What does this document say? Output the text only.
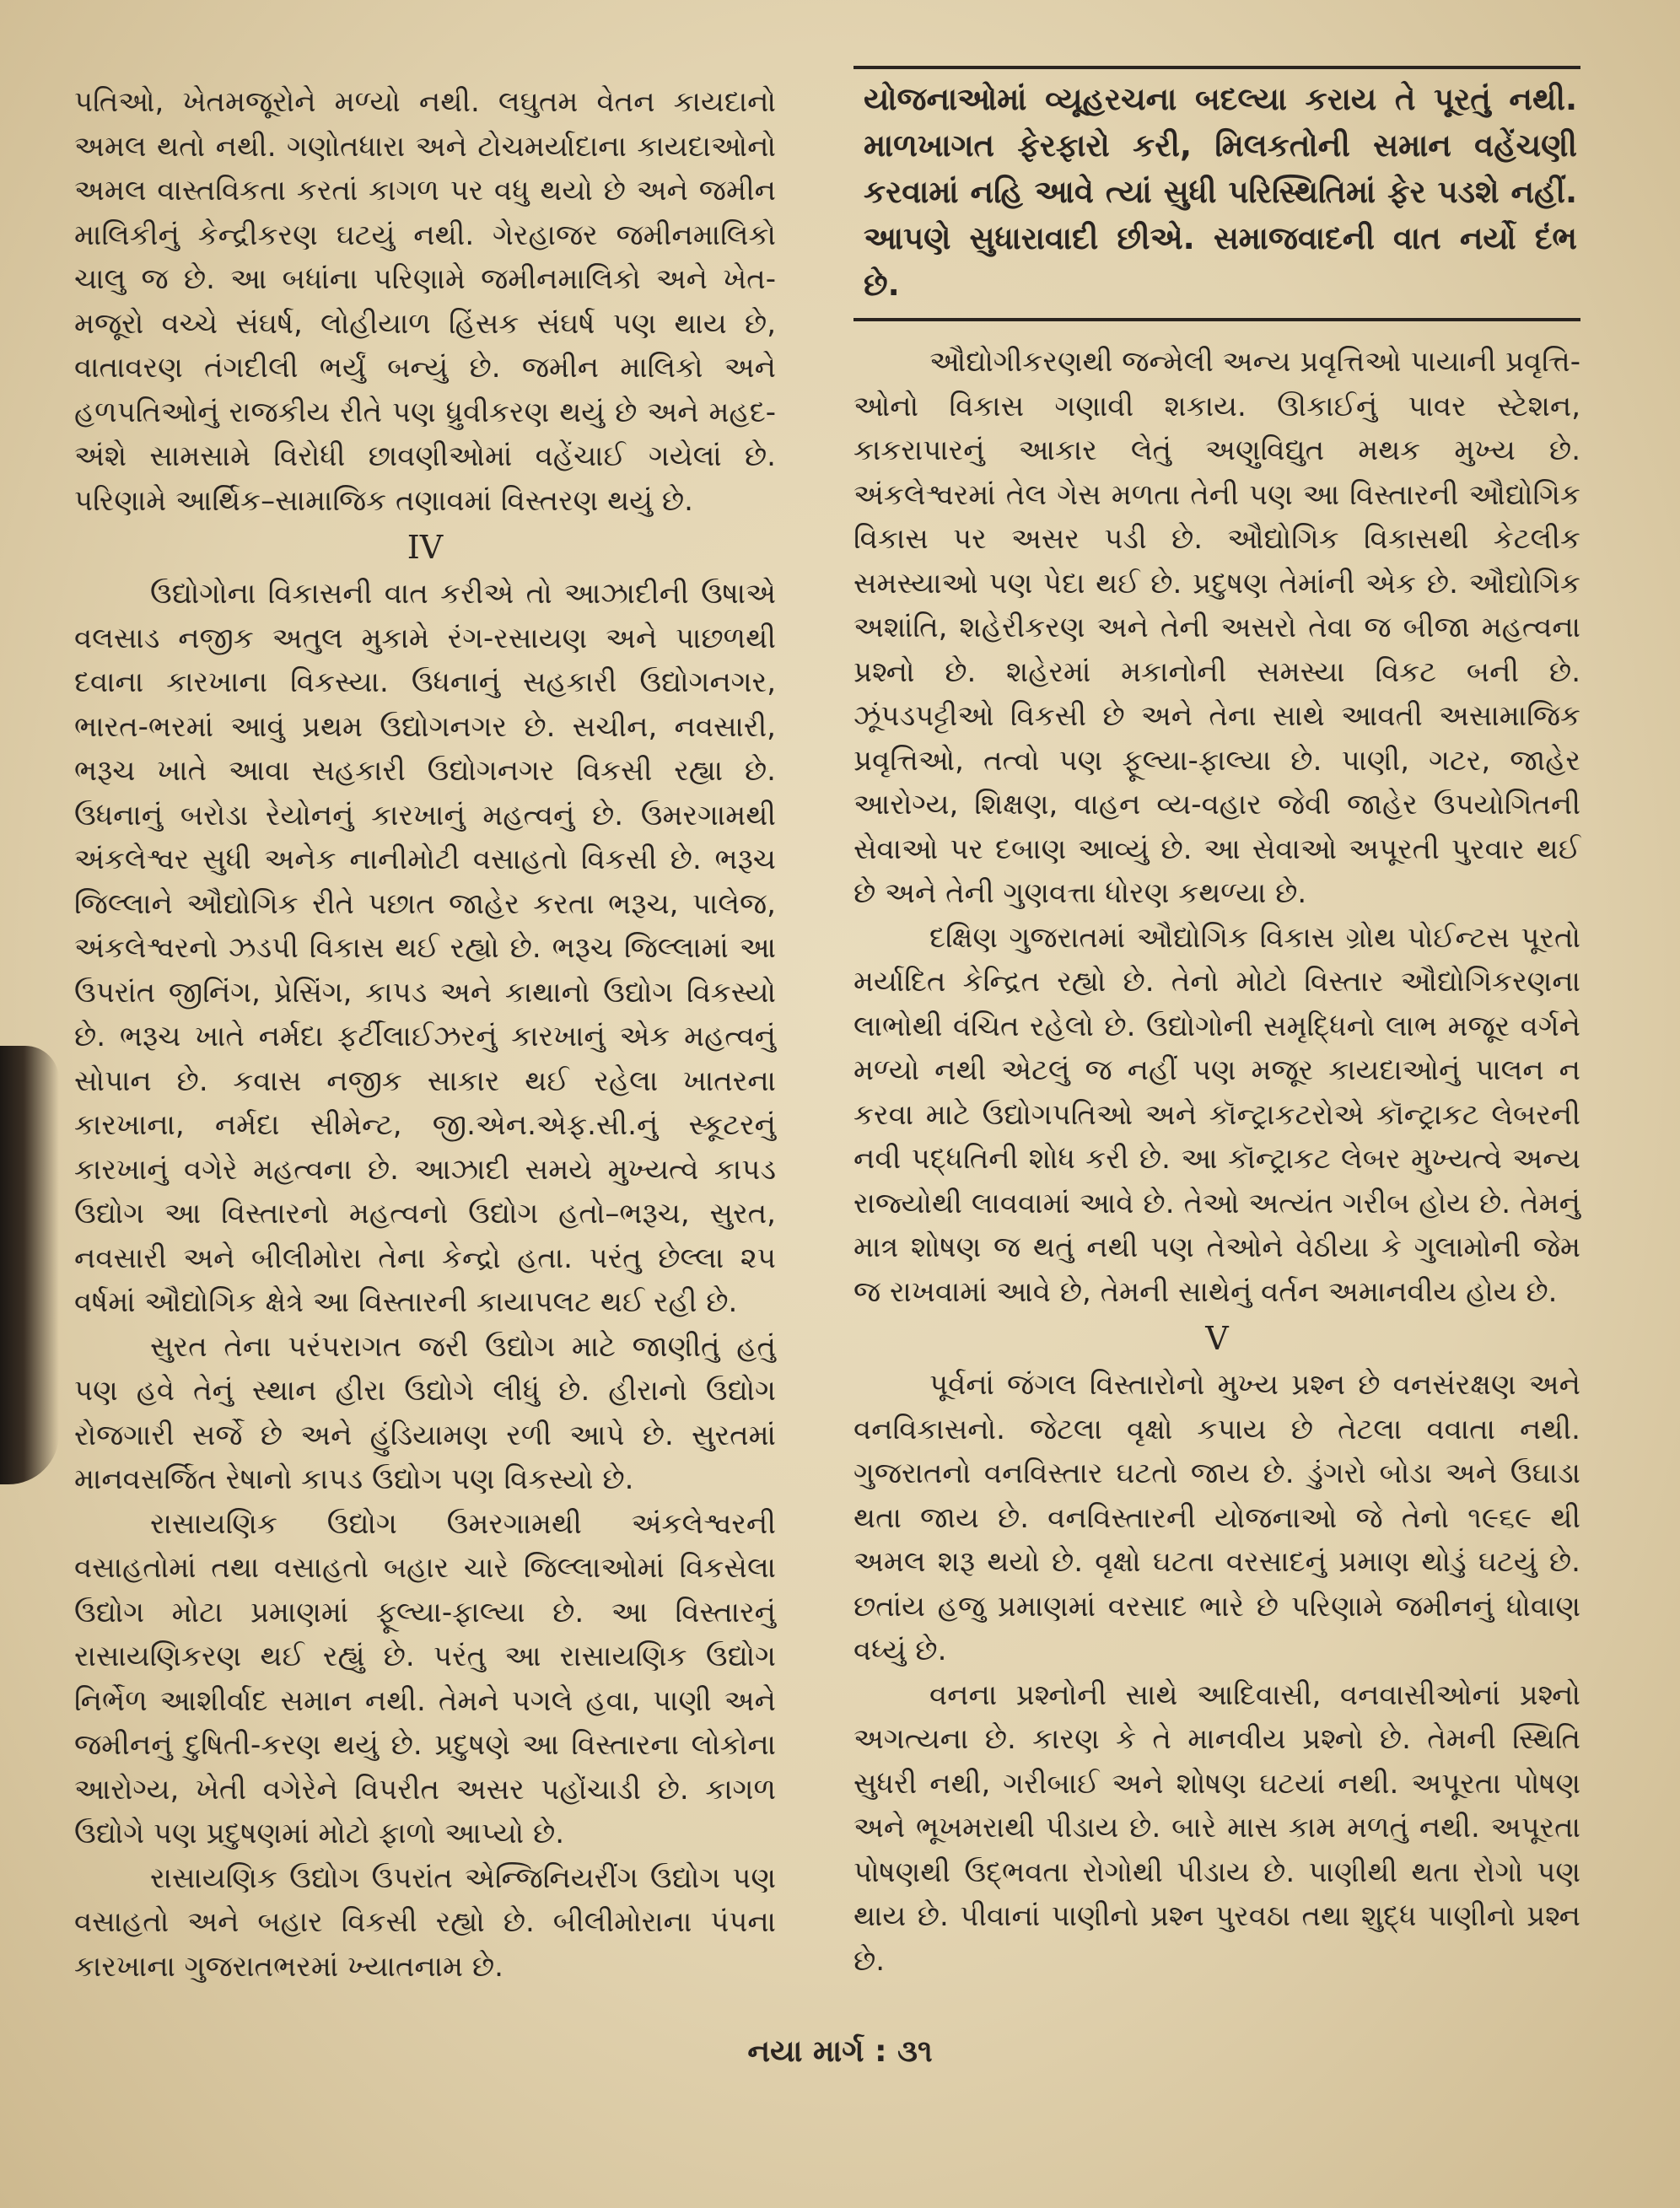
પતિઓ, ખેતમજૂરોને મળ્યો નથી. લઘુતમ વેતન કાયદાનો અમલ થતો નથી. ગણોતધારા અને ટોચમર્યાદાના કાયદાઓનો અમલ વાસ્તવિકતા કરતાં કાગળ પર વધુ થયો છે અને જમીન માલિકીનું કેન્દ્રીકરણ ઘટયું નથી. ગેરહાજર જમીનમાલિકો ચાલુ જ છે. આ બધાંના પરિણામે જમીનમાલિકો અને ખેત-મજૂરો વચ્ચે સંઘર્ષ, લોહીયાળ હિંસક સંઘર્ષ પણ થાય છે, વાતાવરણ તંગદીલી ભર્યું બન્યું છે. જમીન માલિકો અને હળપતિઓનું રાજકીય રીતે પણ ધ્રુવીકરણ થયું છે અને મહદ-અંશે સામસામે વિરોધી છાવણીઓમાં વહેંચાઈ ગયેલાં છે. પરિણામે આર્થિક–સામાજિક તણાવમાં વિસ્તરણ થયું છે.

IV

ઉદ્યોગોના વિકાસની વાત કરીએ તો આઝાદીની ઉષાએ વલસાડ નજીક અતુલ મુકામે રંગ-રસાયણ અને પાછળથી દવાના કારખાના વિકસ્યા. ઉધનાનું સહકારી ઉદ્યોગનગર, ભારત-ભરમાં આવું પ્રથમ ઉદ્યોગનગર છે. સચીન, નવસારી, ભરૂચ ખાતે આવા સહકારી ઉદ્યોગનગર વિકસી રહ્યા છે. ઉધનાનું બરોડા રેયોનનું કારખાનું મહત્વનું છે. ઉમરગામથી અંકલેશ્વર સુધી અનેક નાનીમોટી વસાહતો વિકસી છે. ભરૂચ જિલ્લાને ઔદ્યોગિક રીતે પછાત જાહેર કરતા ભરૂચ, પાલેજ, અંકલેશ્વરનો ઝડપી વિકાસ થઈ રહ્યો છે. ભરૂચ જિલ્લામાં આ ઉપરાંત જીનિંગ, પ્રેસિંગ, કાપડ અને કાથાનો ઉદ્યોગ વિકસ્યો છે. ભરૂચ ખાતે નર્મદા ફર્ટીલાઈઝરનું કારખાનું એક મહત્વનું સોપાન છે. કવાસ નજીક સાકાર થઈ રહેલા ખાતરના કારખાના, નર્મદા સીમેન્ટ, જી.એન.એફ.સી.નું સ્કૂટરનું કારખાનું વગેરે મહત્વના છે. આઝાદી સમયે મુખ્યત્વે કાપડ ઉદ્યોગ આ વિસ્તારનો મહત્વનો ઉદ્યોગ હતો–ભરૂચ, સુરત, નવસારી અને બીલીમોરા તેના કેન્દ્રો હતા. પરંતુ છેલ્લા ૨૫ વર્ષમાં ઔદ્યોગિક ક્ષેત્રે આ વિસ્તારની કાયાપલટ થઈ રહી છે.

સુરત તેના પરંપરાગત જરી ઉદ્યોગ માટે જાણીતું હતું પણ હવે તેનું સ્થાન હીરા ઉદ્યોગે લીધું છે. હીરાનો ઉદ્યોગ રોજગારી સર્જે છે અને હુંડિયામણ રળી આપે છે. સુરતમાં માનવસર્જિત રેષાનો કાપડ ઉદ્યોગ પણ વિકસ્યો છે.

રાસાયણિક ઉદ્યોગ ઉમરગામથી અંકલેશ્વરની વસાહતોમાં તથા વસાહતો બહાર ચારે જિલ્લાઓમાં વિકસેલા ઉદ્યોગ મોટા પ્રમાણમાં ફૂલ્યા-ફાલ્યા છે. આ વિસ્તારનું રાસાયણિકરણ થઈ રહ્યું છે. પરંતુ આ રાસાયણિક ઉદ્યોગ નિર્ભેળ આશીર્વાદ સમાન નથી. તેમને પગલે હવા, પાણી અને જમીનનું દુષિતી-કરણ થયું છે. પ્રદુષણે આ વિસ્તારના લોકોના આરોગ્ય, ખેતી વગેરેને વિપરીત અસર પહોંચાડી છે. કાગળ ઉદ્યોગે પણ પ્રદુષણમાં મોટો ફાળો આપ્યો છે.

રાસાયણિક ઉદ્યોગ ઉપરાંત એન્જિનિયરીંગ ઉદ્યોગ પણ વસાહતો અને બહાર વિકસી રહ્યો છે. બીલીમોરાના પંપના કારખાના ગુજરાતભરમાં ખ્યાતનામ છે.

યોજનાઓમાં વ્યૂહરચના બદલ્યા કરાય તે પૂરતું નથી. માળખાગત ફેરફારો કરી, મિલકતોની સમાન વહેંચણી કરવામાં નહિ આવે ત્યાં સુધી પરિસ્થિતિમાં ફેર પડશે નહીં. આપણે સુધારાવાદી છીએ. સમાજવાદની વાત નર્યો દંભ છે.

ઔદ્યોગીકરણથી જન્મેલી અન્ય પ્રવૃત્તિઓ પાયાની પ્રવૃત્તિ-ઓનો વિકાસ ગણાવી શકાય. ઊકાઈનું પાવર સ્ટેશન, કાકરાપારનું આકાર લેતું અણુવિદ્યુત મથક મુખ્ય છે. અંકલેશ્વરમાં તેલ ગેસ મળતા તેની પણ આ વિસ્તારની ઔદ્યોગિક વિકાસ પર અસર પડી છે. ઔદ્યોગિક વિકાસથી કેટલીક સમસ્યાઓ પણ પેદા થઈ છે. પ્રદુષણ તેમાંની એક છે. ઔદ્યોગિક અશાંતિ, શહેરીકરણ અને તેની અસરો તેવા જ બીજા મહત્વના પ્રશ્નો છે. શહેરમાં મકાનોની સમસ્યા વિકટ બની છે. ઝૂંપડપટ્ટીઓ વિકસી છે અને તેના સાથે આવતી અસામાજિક પ્રવૃત્તિઓ, તત્વો પણ ફૂલ્યા-ફાલ્યા છે. પાણી, ગટર, જાહેર આરોગ્ય, શિક્ષણ, વાહન વ્ય-વહાર જેવી જાહેર ઉપયોગિતની સેવાઓ પર દબાણ આવ્યું છે. આ સેવાઓ અપૂરતી પુરવાર થઈ છે અને તેની ગુણવત્તા ધોરણ કથળ્યા છે.

દક્ષિણ ગુજરાતમાં ઔદ્યોગિક વિકાસ ગ્રોથ પોઈન્ટસ પૂરતો મર્યાદિત કેન્દ્રિત રહ્યો છે. તેનો મોટો વિસ્તાર ઔદ્યોગિકરણના લાભોથી વંચિત રહેલો છે. ઉદ્યોગોની સમૃદ્ધિનો લાભ મજૂર વર્ગને મળ્યો નથી એટલું જ નહીં પણ મજૂર કાયદાઓનું પાલન ન કરવા માટે ઉદ્યોગપતિઓ અને કૉન્ટ્રાકટરોએ કૉન્ટ્રાકટ લેબરની નવી પદ્ધતિની શોધ કરી છે. આ કૉન્ટ્રાકટ લેબર મુખ્યત્વે અન્ય રાજ્યોથી લાવવામાં આવે છે. તેઓ અત્યંત ગરીબ હોય છે. તેમનું માત્ર શોષણ જ થતું નથી પણ તેઓને વેઠીયા કે ગુલામોની જેમ જ રાખવામાં આવે છે, તેમની સાથેનું વર્તન અમાનવીય હોય છે.

V

પૂર્વનાં જંગલ વિસ્તારોનો મુખ્ય પ્રશ્ન છે વનસંરક્ષણ અને વનવિકાસનો. જેટલા વૃક્ષો કપાય છે તેટલા વવાતા નથી. ગુજરાતનો વનવિસ્તાર ઘટતો જાય છે. ડુંગરો બોડા અને ઉઘાડા થતા જાય છે. વનવિસ્તારની યોજનાઓ જે તેનો ૧૯૬૯ થી અમલ શરૂ થયો છે. વૃક્ષો ઘટતા વરસાદનું પ્રમાણ થોડું ઘટયું છે. છતાંય હજુ પ્રમાણમાં વરસાદ ભારે છે પરિણામે જમીનનું ધોવાણ વધ્યું છે.

વનના પ્રશ્નોની સાથે આદિવાસી, વનવાસીઓનાં પ્રશ્નો અગત્યના છે. કારણ કે તે માનવીય પ્રશ્નો છે. તેમની સ્થિતિ સુધરી નથી, ગરીબાઈ અને શોષણ ઘટયાં નથી. અપૂરતા પોષણ અને ભૂખમરાથી પીડાય છે. બારે માસ કામ મળતું નથી. અપૂરતા પોષણથી ઉદ્‌ભવતા રોગોથી પીડાય છે. પાણીથી થતા રોગો પણ થાય છે. પીવાનાં પાણીનો પ્રશ્ન પુરવઠા તથા શુદ્ધ પાણીનો પ્રશ્ન છે.

નયા માર્ગ : ૩૧
